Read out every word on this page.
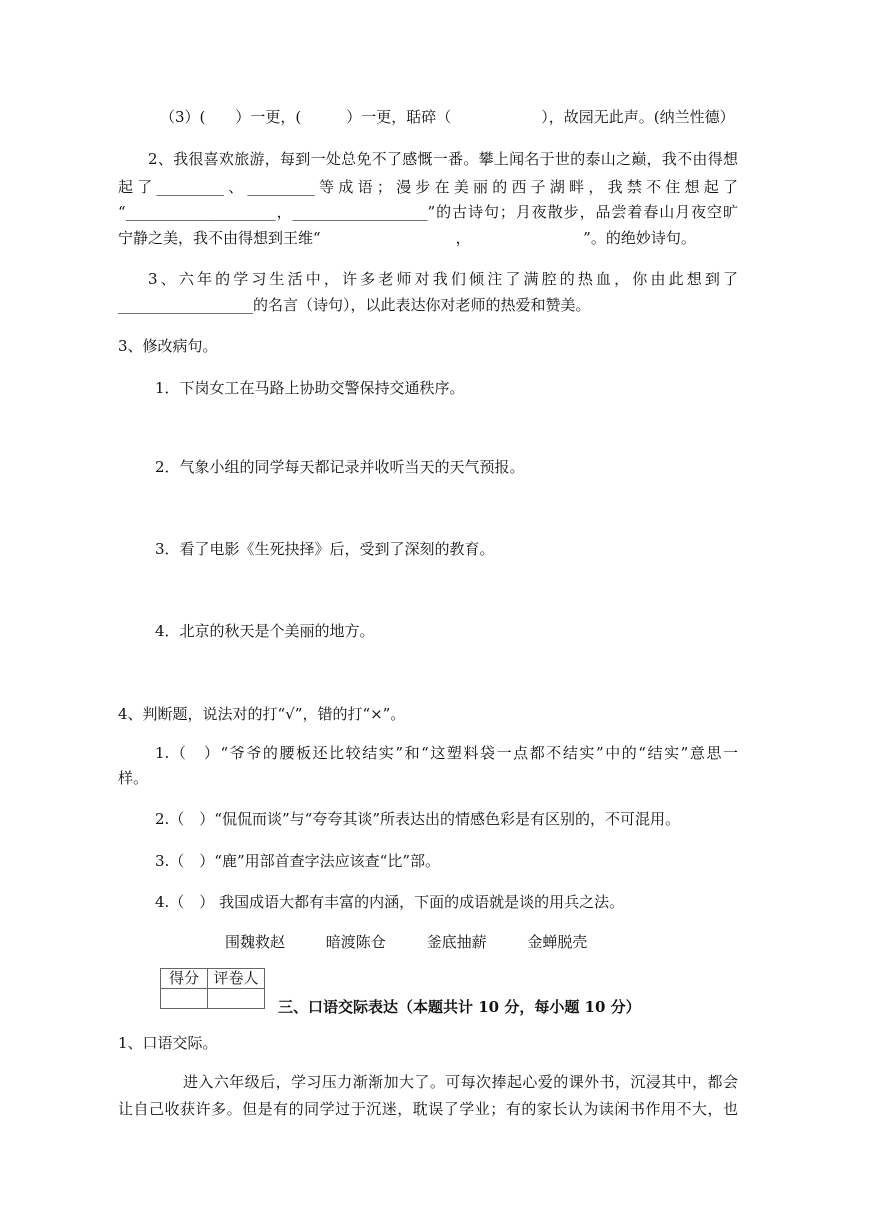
（3）(　　）一更，(　　　）一更，聒碎（　　　　　　），故园无此声。(纳兰性德）
2、我很喜欢旅游，每到一处总免不了感慨一番。攀上闻名于世的泰山之巅，我不由得想
起了_________、_________等成语；漫步在美丽的西子湖畔，我禁不住想起了
“____________________，__________________”的古诗句；月夜散步，品尝着春山月夜空旷
宁静之美，我不由得想到王维“　　　　　　　　　，　　　　　　　　”。的绝妙诗句。
3、六年的学习生活中，许多老师对我们倾注了满腔的热血，你由此想到了
__________________的名言（诗句），以此表达你对老师的热爱和赞美。
3、修改病句。
1．下岗女工在马路上协助交警保持交通秩序。
2．气象小组的同学每天都记录并收听当天的天气预报。
3．看了电影《生死抉择》后，受到了深刻的教育。
4．北京的秋天是个美丽的地方。
4、判断题，说法对的打“√”，错的打“×”。
1.（　）“爷爷的腰板还比较结实”和“这塑料袋一点都不结实”中的“结实”意思一
样。
2.（　）“侃侃而谈”与“夸夸其谈”所表达出的情感色彩是有区别的，不可混用。
3.（　）“鹿”用部首查字法应该查“比”部。
4.（　） 我国成语大都有丰富的内涵，下面的成语就是谈的用兵之法。
围魏救赵	暗渡陈仓	釜底抽薪	金蝉脱壳
得分	评卷人

三、口语交际表达（本题共计 10 分，每小题 10 分）
1、口语交际。
进入六年级后，学习压力渐渐加大了。可每次捧起心爱的课外书，沉浸其中，都会
让自己收获许多。但是有的同学过于沉迷，耽误了学业；有的家长认为读闲书作用不大，也
